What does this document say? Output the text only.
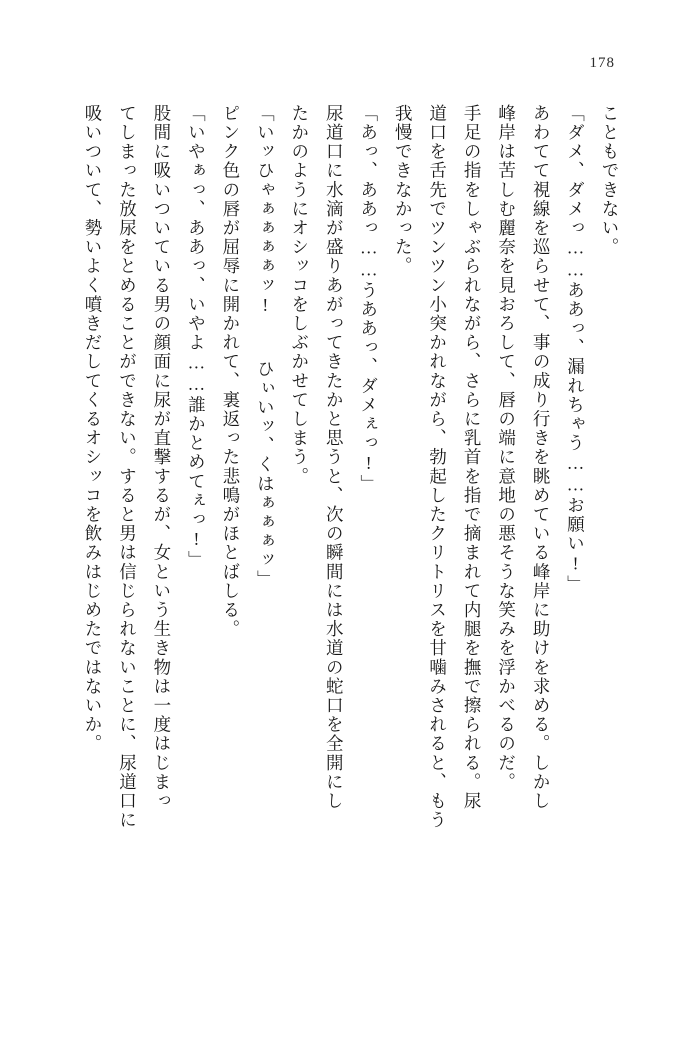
178

こともできない。

「ダメ、ダメっ……ああっ、漏れちゃう……お願い!」

あわてて視線を巡らせて、事の成り行きを眺めている峰岸に助けを求める。しかし

峰岸は苦しむ麗奈を見おろして、唇の端に意地の悪そうな笑みを浮かべるのだ。

手足の指をしゃぶられながら、さらに乳首を指で摘まれて内腿を撫で擦られる。尿

道口を舌先でツンツン小突かれながら、勃起したクリトリスを甘噛みされると、もう

我慢できなかった。

「あっ、ああっ……うああっ、ダメぇっ!」

尿道口に水滴が盛りあがってきたかと思うと、次の瞬間には水道の蛇口を全開にし

たかのようにオシッコをしぶかせてしまう。

「いッひゃぁぁぁぁッ!  ひぃいッ、くはぁぁぁッ」

ピンク色の唇が屈辱に開かれて、裏返った悲鳴がほとばしる。

「いやぁっ、ああっ、いやよ……誰かとめてぇっ!」

股間に吸いついている男の顔面に尿が直撃するが、女という生き物は一度はじまっ

てしまった放尿をとめることができない。すると男は信じられないことに、尿道口に

吸いついて、勢いよく噴きだしてくるオシッコを飲みはじめたではないか。
